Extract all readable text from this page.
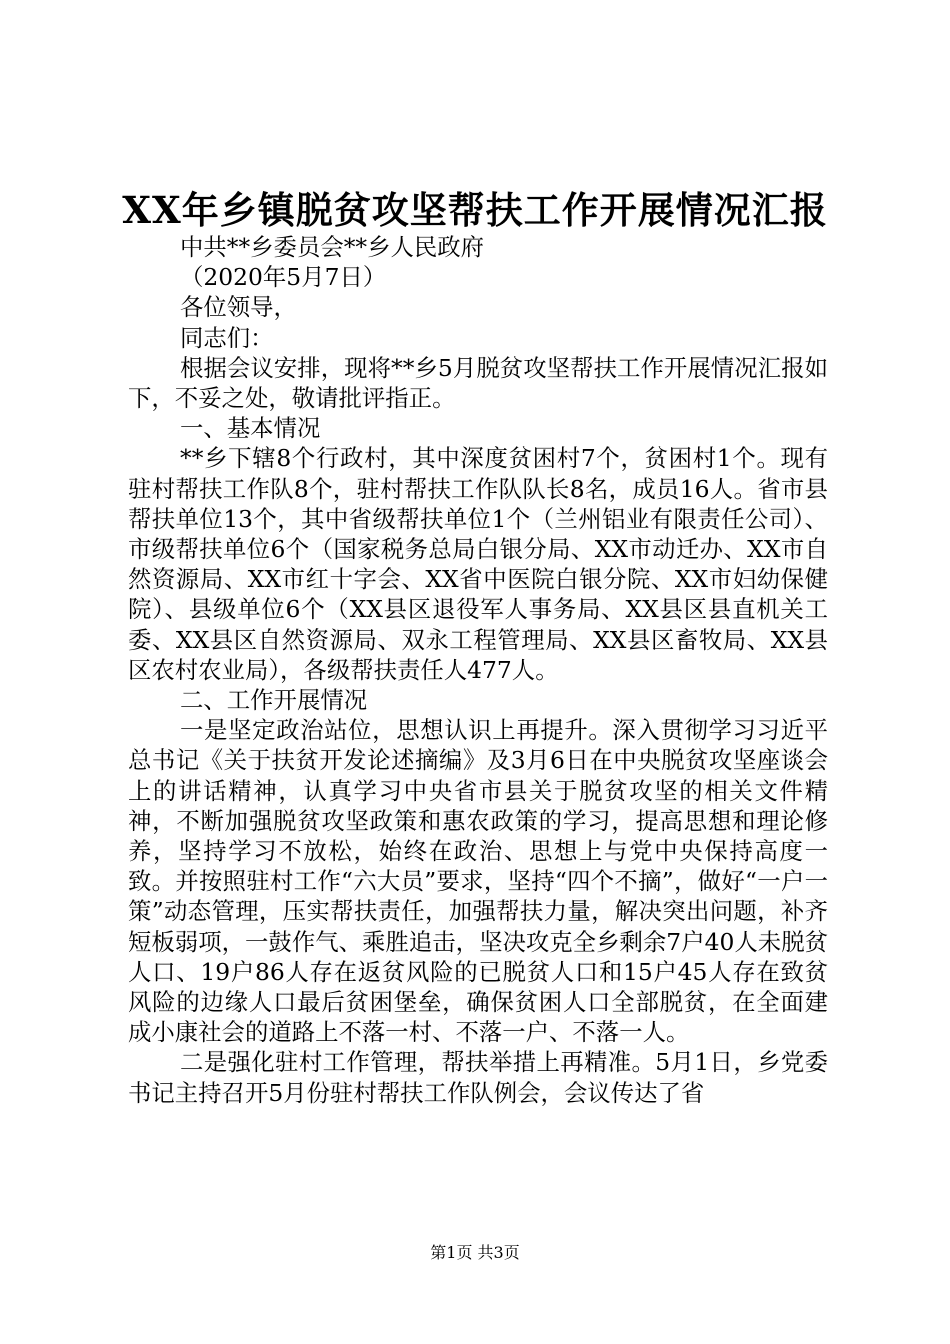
XX年乡镇脱贫攻坚帮扶工作开展情况汇报

中共**乡委员会**乡人民政府

（2020年5月7日）

各位领导，

同志们：

根据会议安排，现将**乡5月脱贫攻坚帮扶工作开展情况汇报如下，不妥之处，敬请批评指正。

一、基本情况

**乡下辖8个行政村，其中深度贫困村7个，贫困村1个。现有驻村帮扶工作队8个，驻村帮扶工作队队长8名，成员16人。省市县帮扶单位13个，其中省级帮扶单位1个（兰州铝业有限责任公司）、市级帮扶单位6个（国家税务总局白银分局、XX市动迁办、XX市自然资源局、XX市红十字会、XX省中医院白银分院、XX市妇幼保健院）、县级单位6个（XX县区退役军人事务局、XX县区县直机关工委、XX县区自然资源局、双永工程管理局、XX县区畜牧局、XX县区农村农业局），各级帮扶责任人477人。

二、工作开展情况

一是坚定政治站位，思想认识上再提升。深入贯彻学习习近平总书记《关于扶贫开发论述摘编》及3月6日在中央脱贫攻坚座谈会上的讲话精神，认真学习中央省市县关于脱贫攻坚的相关文件精神，不断加强脱贫攻坚政策和惠农政策的学习，提高思想和理论修养，坚持学习不放松，始终在政治、思想上与党中央保持高度一致。并按照驻村工作“六大员”要求，坚持“四个不摘”，做好“一户一策”动态管理，压实帮扶责任，加强帮扶力量，解决突出问题，补齐短板弱项，一鼓作气、乘胜追击，坚决攻克全乡剩余7户40人未脱贫人口、19户86人存在返贫风险的已脱贫人口和15户45人存在致贫风险的边缘人口最后贫困堡垒，确保贫困人口全部脱贫，在全面建成小康社会的道路上不落一村、不落一户、不落一人。

二是强化驻村工作管理，帮扶举措上再精准。5月1日，乡党委书记主持召开5月份驻村帮扶工作队例会，会议传达了省

第1页 共3页
